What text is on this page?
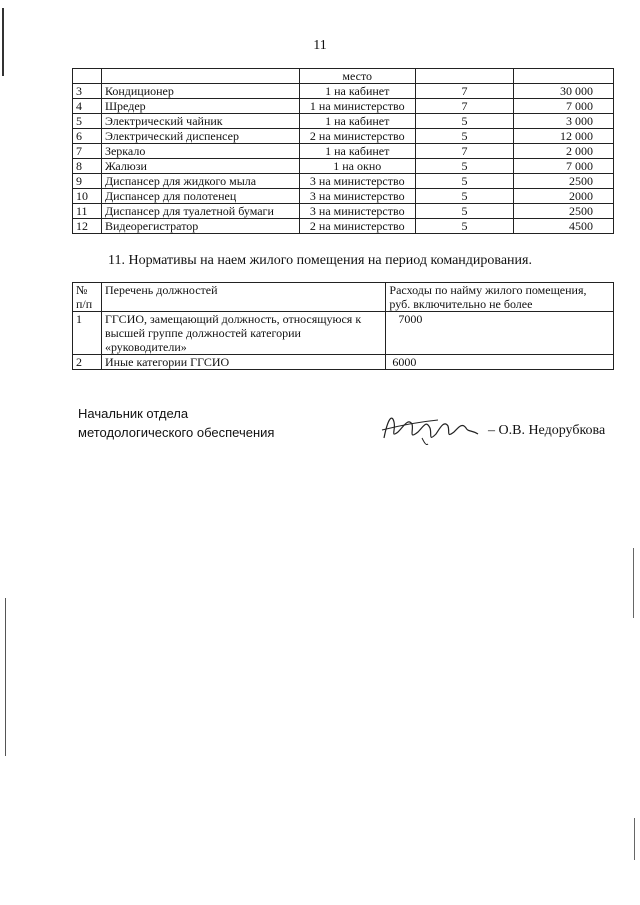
11
		место		
3	Кондиционер	1 на кабинет	7	30 000
4	Шредер	1 на министерство	7	7 000
5	Электрический чайник	1 на кабинет	5	3 000
6	Электрический диспенсер	2 на министерство	5	12 000
7	Зеркало	1 на кабинет	7	2 000
8	Жалюзи	1 на окно	5	7 000
9	Диспансер для жидкого мыла	3 на министерство	5	2500
10	Диспансер для полотенец	3 на министерство	5	2000
11	Диспансер для туалетной бумаги	3 на министерство	5	2500
12	Видеорегистратор	2 на министерство	5	4500
11. Нормативы на наем жилого помещения на период командирования.
№ п/п	Перечень должностей	Расходы по найму жилого помещения, руб. включительно не более
1	ГГСИО, замещающий должность, относящуюся к высшей группе должностей категории «руководители»	7000
2	Иные категории ГГСИО	6000
Начальник отдела
методологического обеспечения	– О.В. Недорубкова
